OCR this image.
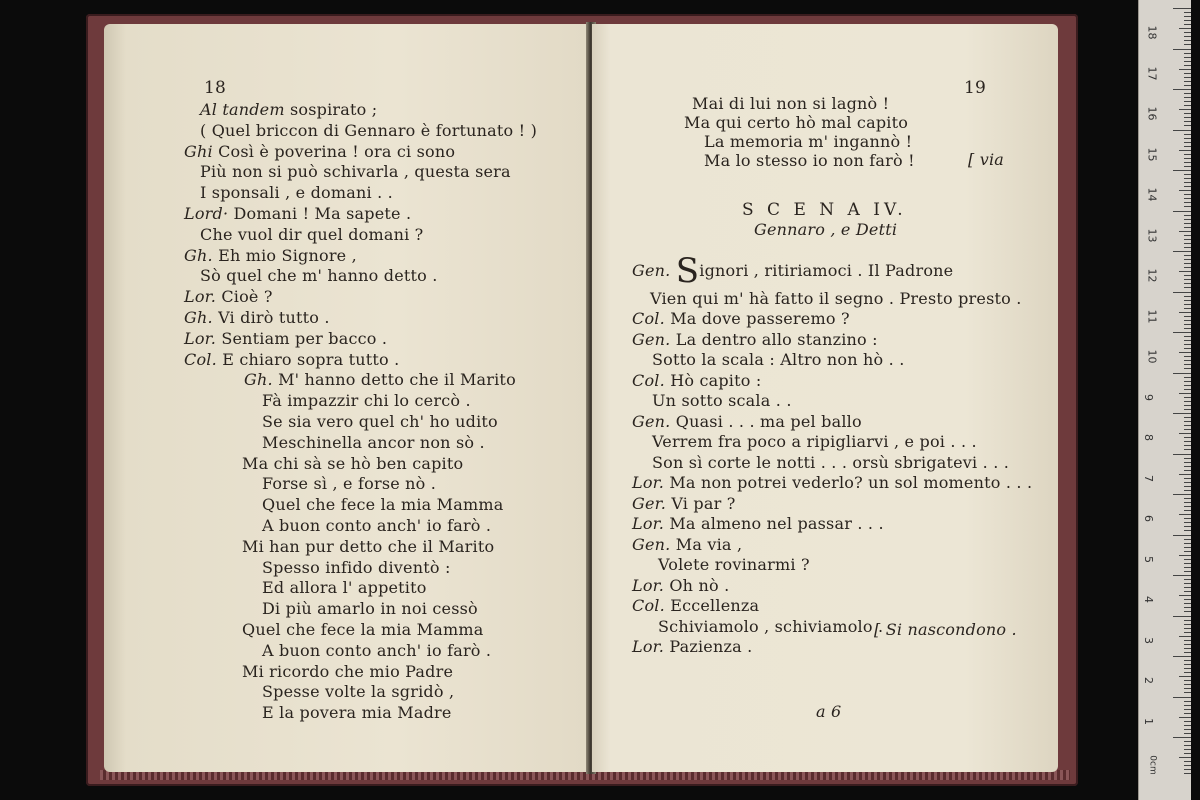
18
Al tandem sospirato ;
( Quel briccon di Gennaro è fortunato ! )
Ghi Così è poverina ! ora ci sono
Più non si può schivarla , questa sera
I sponsali , e domani . .
Lord· Domani ! Ma sapete .
Che vuol dir quel domani ?
Gh. Eh mio Signore ,
Sò quel che m' hanno detto .
Lor. Cioè ?
Gh. Vi dirò tutto .
Lor. Sentiam per bacco .
Col. E chiaro sopra tutto .
Gh. M' hanno detto che il Marito
Fà impazzir chi lo cercò .
Se sia vero quel ch' ho udito
Meschinella ancor non sò .
Ma chi sà se hò ben capito
Forse sì , e forse nò .
Quel che fece la mia Mamma
A buon conto anch' io farò .
Mi han pur detto che il Marito
Spesso infido diventò :
Ed allora l' appetito
Di più amarlo in noi cessò
Quel che fece la mia Mamma
A buon conto anch' io farò .
Mi ricordo che mio Padre
Spesse volte la sgridò ,
E la povera mia Madre
19
Mai di lui non si lagnò !
Ma qui certo hò mal capito
La memoria m' ingannò !
Ma lo stesso io non farò !	[ via
S C E N A IV.
Gennaro , e Detti
Gen. Signori , ritiriamoci . Il Padrone
Vien qui m' hà fatto il segno . Presto presto .
Col. Ma dove passeremo ?
Gen. La dentro allo stanzino :
Sotto la scala : Altro non hò . .
Col. Hò capito :
Un sotto scala . .
Gen. Quasi . . . ma pel ballo
Verrem fra poco a ripigliarvi , e poi . . .
Son sì corte le notti . . . orsù sbrigatevi . . .
Lor. Ma non potrei vederlo? un sol momento . . .
Ger. Vi par ?
Lor. Ma almeno nel passar . . .
Gen. Ma via ,
Volete rovinarmi ?
Lor. Oh nò .
Col. Eccellenza
Schiviamolo , schiviamolo .
Lor. Pazienza .
[ Si nascondono .
a 6
0cm
18
17
16
15
14
13
12
11
10
9
8
7
6
5
4
3
2
1
